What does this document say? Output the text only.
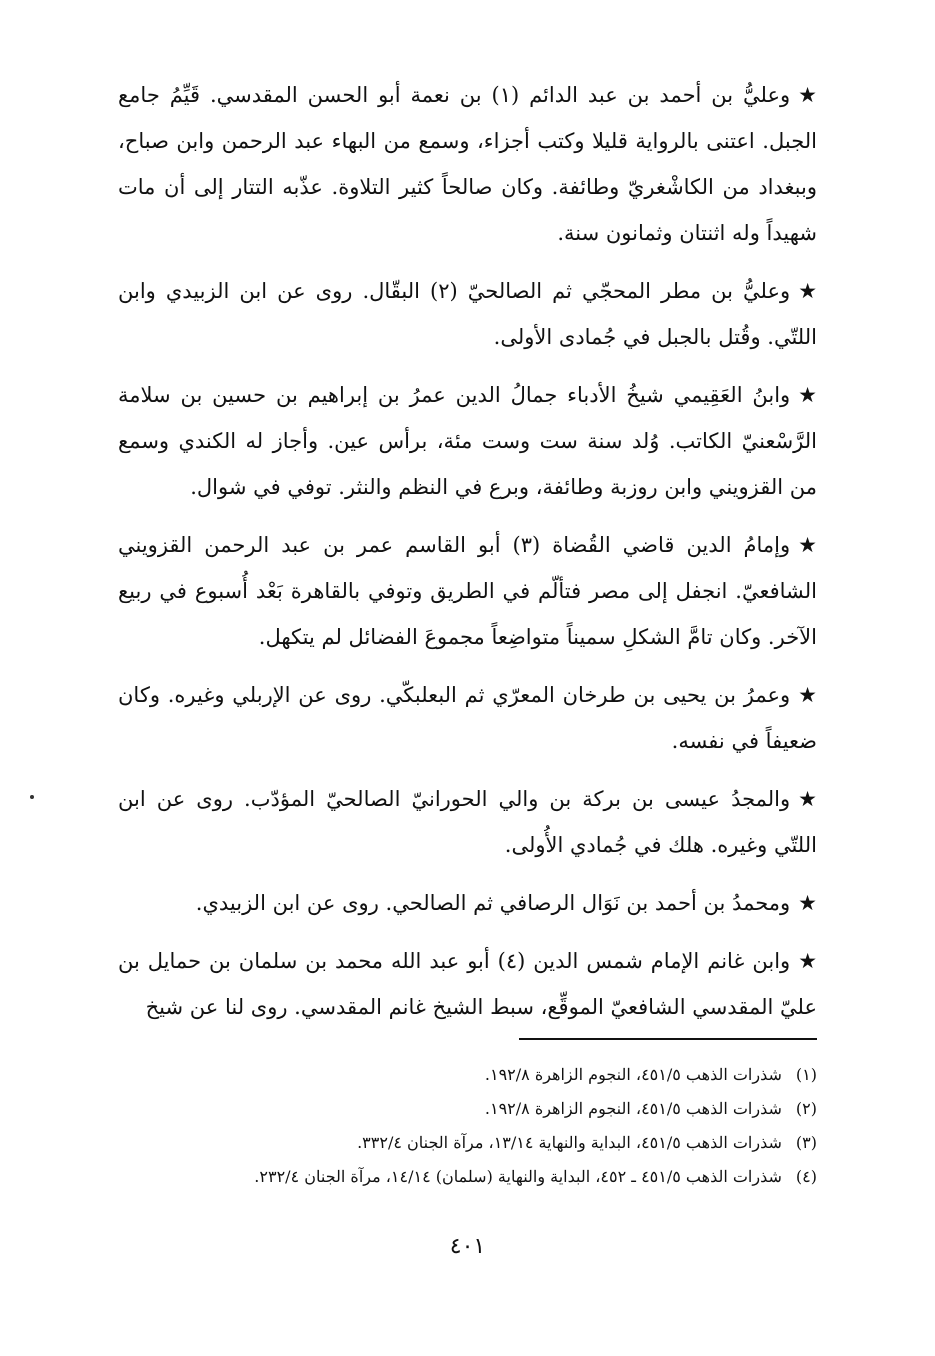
★وعليُّ بن أحمد بن عبد الدائم (١) بن نعمة أبو الحسن المقدسي. قَيِّمُ جامع الجبل. اعتنى بالرواية قليلا وكتب أجزاء، وسمع من البهاء عبد الرحمن وابن صباح، وببغداد من الكاشْغريّ وطائفة. وكان صالحاً كثير التلاوة. عذّبه التتار إلى أن مات شهيداً وله اثنتان وثمانون سنة.

★وعليُّ بن مطر المحجّي ثم الصالحيّ (٢) البقّال. روى عن ابن الزبيدي وابن اللتّي. وقُتل بالجبل في جُمادى الأولى.

★وابنُ العَقِيمي شيخُ الأدباء جمالُ الدين عمرُ بن إبراهيم بن حسين بن سلامة الرَّسْعنيّ الكاتب. وُلد سنة ست وست مئة، برأس عين. وأجاز له الكندي وسمع من القزويني وابن روزبة وطائفة، وبرع في النظم والنثر. توفي في شوال.

★وإمامُ الدين قاضي القُضاة (٣) أبو القاسم عمر بن عبد الرحمن القزويني الشافعيّ. انجفل إلى مصر فتألّم في الطريق وتوفي بالقاهرة بَعْد أُسبوع في ربيع الآخر. وكان تامَّ الشكلِ سميناً متواضِعاً مجموعَ الفضائل لم يتكهل.

★وعمرُ بن يحيى بن طرخان المعرّي ثم البعلبكّي. روى عن الإربلي وغيره. وكان ضعيفاً في نفسه.

★والمجدُ عيسى بن بركة بن والي الحورانيّ الصالحيّ المؤدّب. روى عن ابن اللتّي وغيره. هلك في جُمادي الأُولى.

★ومحمدُ بن أحمد بن نَوَال الرصافي ثم الصالحي. روى عن ابن الزبيدي.

★وابن غانم الإمام شمس الدين (٤) أبو عبد الله محمد بن سلمان بن حمايل بن عليّ المقدسي الشافعيّ الموقِّع، سبط الشيخ غانم المقدسي. روى لنا عن شيخ

(١)شذرات الذهب ٤٥١/٥، النجوم الزاهرة ١٩٢/٨.
(٢)شذرات الذهب ٤٥١/٥، النجوم الزاهرة ١٩٢/٨.
(٣)شذرات الذهب ٤٥١/٥، البداية والنهاية ١٣/١٤، مرآة الجنان ٣٣٢/٤.
(٤)شذرات الذهب ٤٥١/٥ ـ ٤٥٢، البداية والنهاية (سلمان) ١٤/١٤، مرآة الجنان ٢٣٢/٤.
٤٠١
